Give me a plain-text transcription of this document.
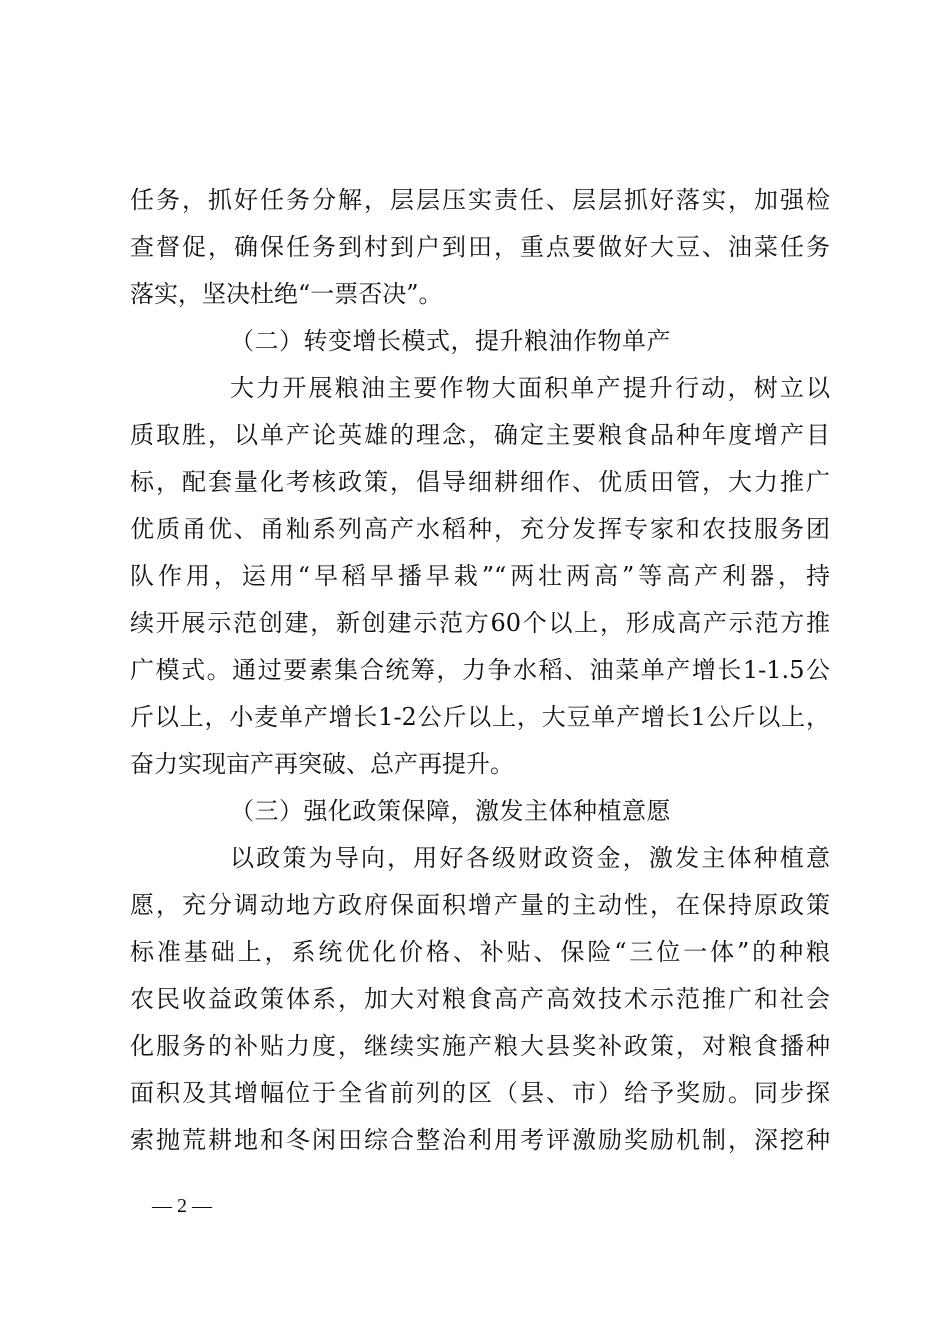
任务，抓好任务分解，层层压实责任、层层抓好落实，加强检
查督促，确保任务到村到户到田，重点要做好大豆、油菜任务
落实，坚决杜绝“一票否决”。
（二）转变增长模式，提升粮油作物单产
大力开展粮油主要作物大面积单产提升行动，树立以
质取胜，以单产论英雄的理念，确定主要粮食品种年度增产目
标，配套量化考核政策，倡导细耕细作、优质田管，大力推广
优质甬优、甬籼系列高产水稻种，充分发挥专家和农技服务团
队作用，运用“早稻早播早栽”“两壮两高”等高产利器，持
续开展示范创建，新创建示范方60个以上，形成高产示范方推
广模式。通过要素集合统筹，力争水稻、油菜单产增长1-1.5公
斤以上，小麦单产增长1-2公斤以上，大豆单产增长1公斤以上，
奋力实现亩产再突破、总产再提升。
（三）强化政策保障，激发主体种植意愿
以政策为导向，用好各级财政资金，激发主体种植意
愿，充分调动地方政府保面积增产量的主动性，在保持原政策
标准基础上，系统优化价格、补贴、保险“三位一体”的种粮
农民收益政策体系，加大对粮食高产高效技术示范推广和社会
化服务的补贴力度，继续实施产粮大县奖补政策，对粮食播种
面积及其增幅位于全省前列的区（县、市）给予奖励。同步探
索抛荒耕地和冬闲田综合整治利用考评激励奖励机制，深挖种
— 2 —
